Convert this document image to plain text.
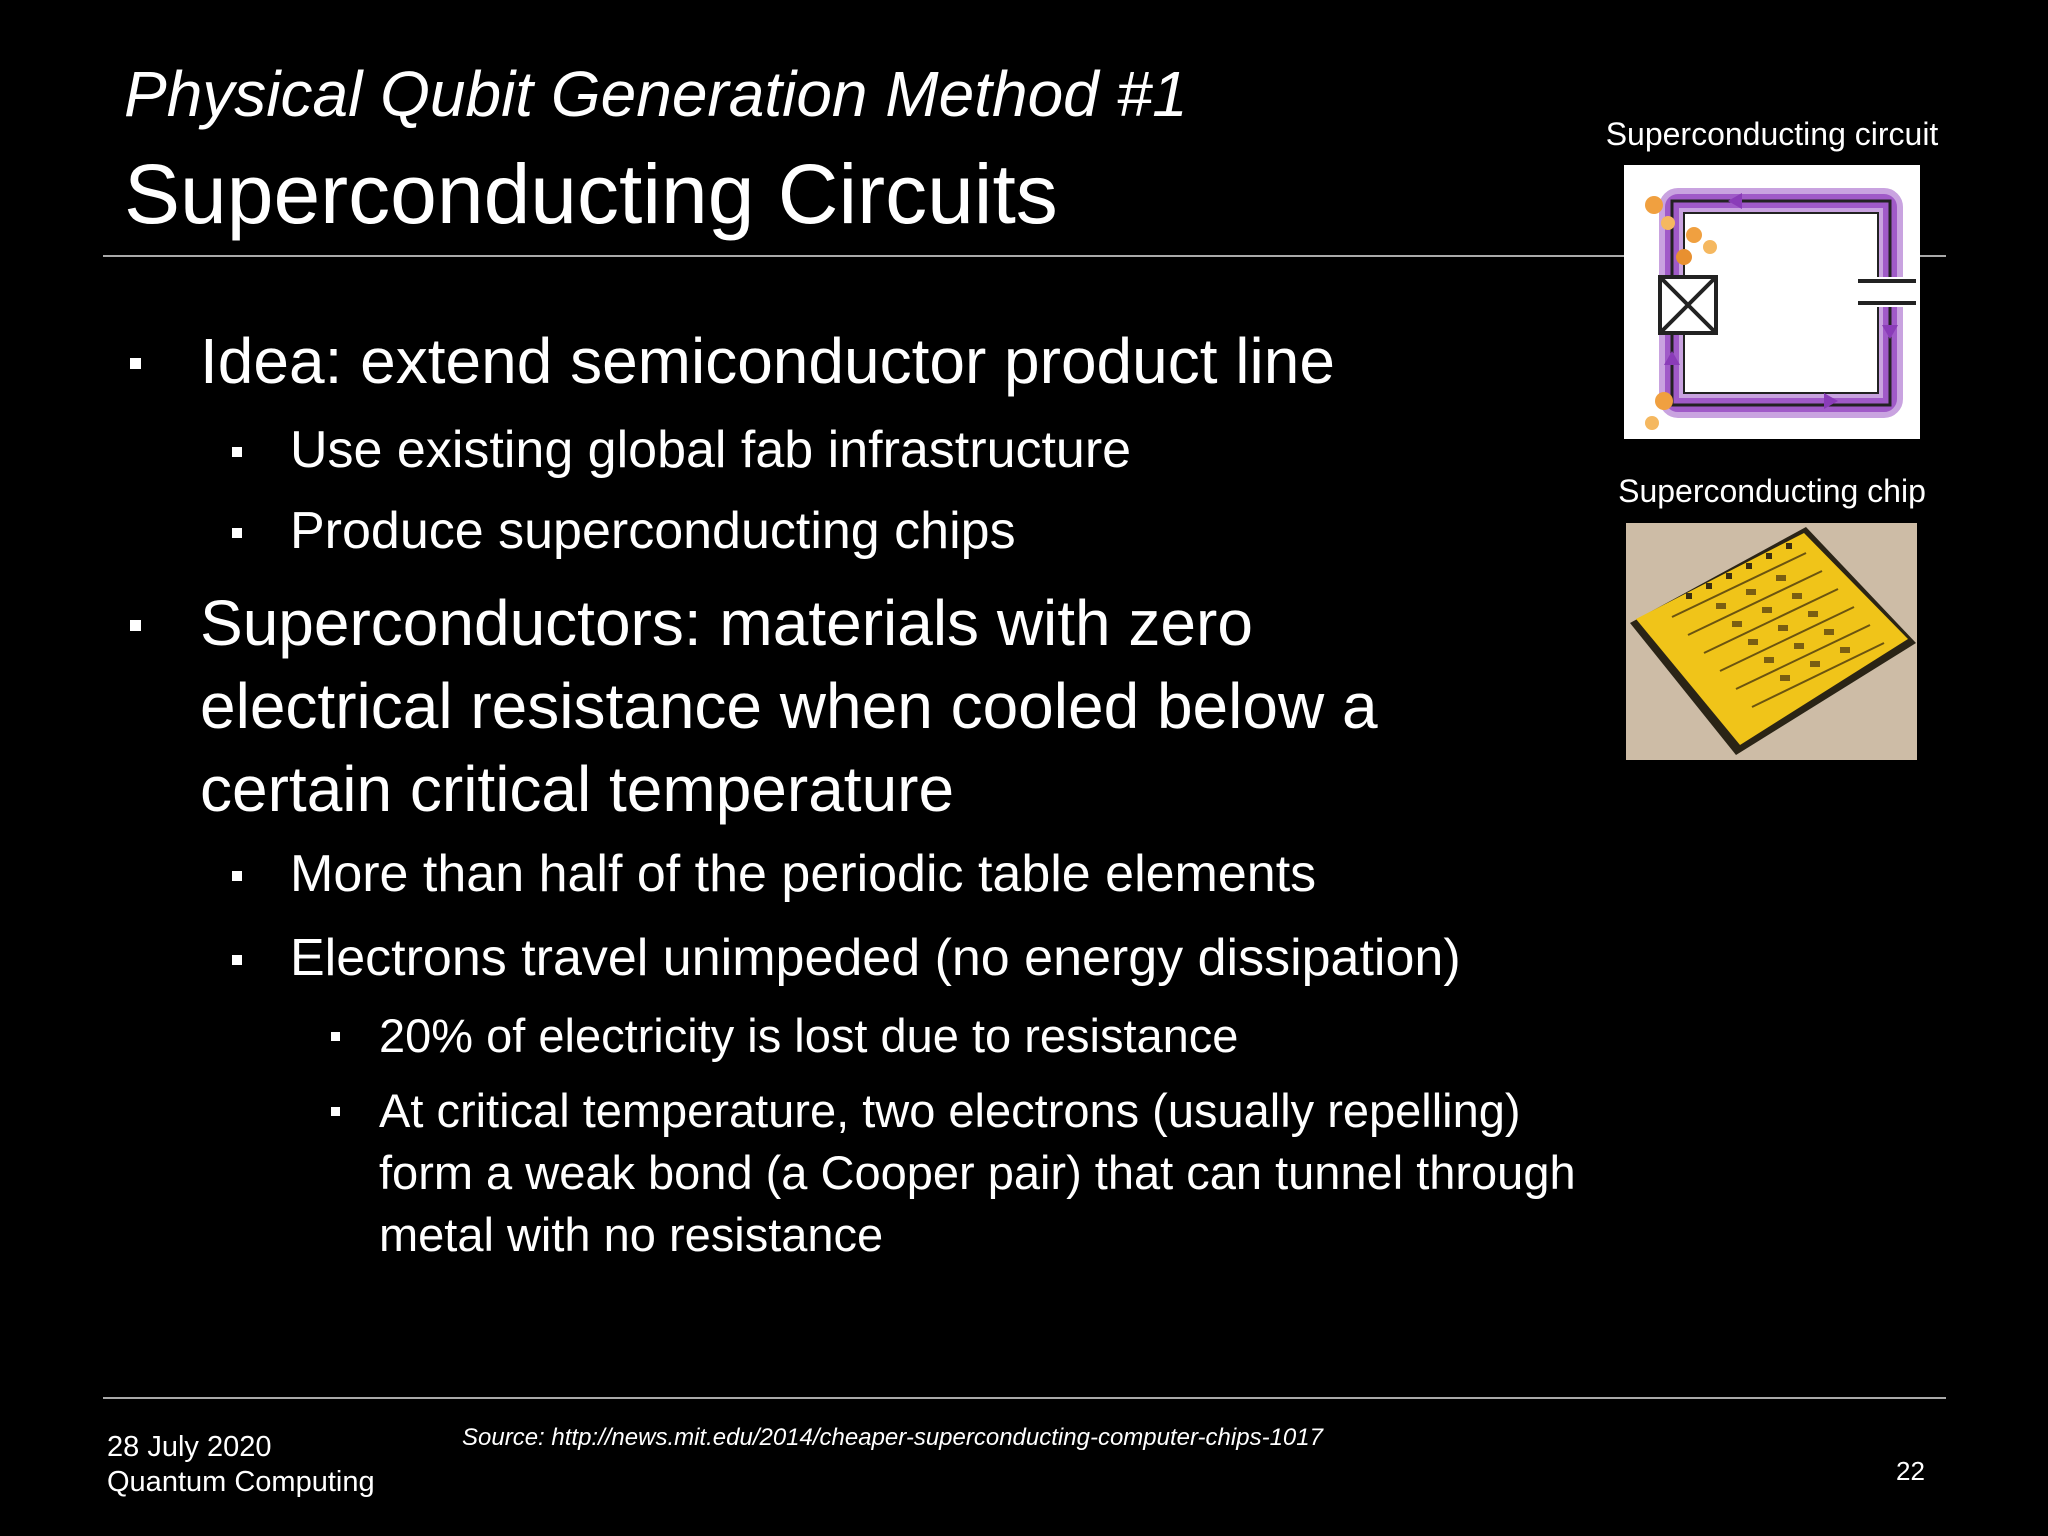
Physical Qubit Generation Method #1
Superconducting Circuits
Idea: extend semiconductor product line
Use existing global fab infrastructure
Produce superconducting chips
Superconductors: materials with zero electrical resistance when cooled below a certain critical temperature
More than half of the periodic table elements
Electrons travel unimpeded (no energy dissipation)
20% of electricity is lost due to resistance
At critical temperature, two electrons (usually repelling) form a weak bond (a Cooper pair) that can tunnel through metal with no resistance
Superconducting circuit
Superconducting chip
28 July 2020
Quantum Computing
Source: http://news.mit.edu/2014/cheaper-superconducting-computer-chips-1017
22
